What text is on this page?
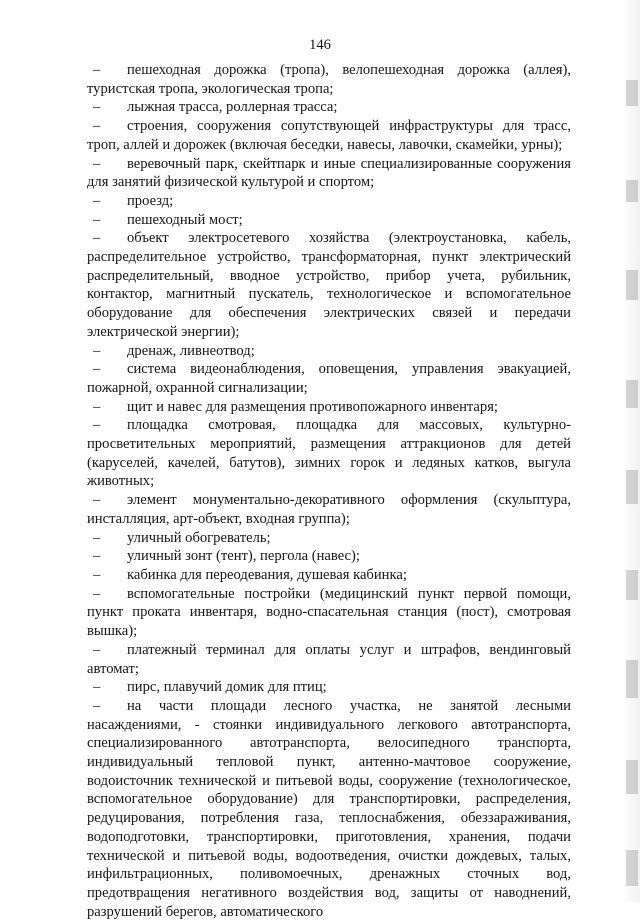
146

– пешеходная дорожка (тропа), велопешеходная дорожка (аллея), туристская тропа, экологическая тропа;

– лыжная трасса, роллерная трасса;

– строения, сооружения сопутствующей инфраструктуры для трасс, троп, аллей и дорожек (включая беседки, навесы, лавочки, скамейки, урны);

– веревочный парк, скейтпарк и иные специализированные сооружения для занятий физической культурой и спортом;

– проезд;

– пешеходный мост;

– объект электросетевого хозяйства (электроустановка, кабель, распределительное устройство, трансформаторная, пункт электрический распределительный, вводное устройство, прибор учета, рубильник, контактор, магнитный пускатель, технологическое и вспомогательное оборудование для обеспечения электрических связей и передачи электрической энергии);

– дренаж, ливнеотвод;

– система видеонаблюдения, оповещения, управления эвакуацией, пожарной, охранной сигнализации;

– щит и навес для размещения противопожарного инвентаря;

– площадка смотровая, площадка для массовых, культурно-просветительных мероприятий, размещения аттракционов для детей (каруселей, качелей, батутов), зимних горок и ледяных катков, выгула животных;

– элемент монументально-декоративного оформления (скульптура, инсталляция, арт-объект, входная группа);

– уличный обогреватель;

– уличный зонт (тент), пергола (навес);

– кабинка для переодевания, душевая кабинка;

– вспомогательные постройки (медицинский пункт первой помощи, пункт проката инвентаря, водно-спасательная станция (пост), смотровая вышка);

– платежный терминал для оплаты услуг и штрафов, вендинговый автомат;

– пирс, плавучий домик для птиц;

– на части площади лесного участка, не занятой лесными насаждениями, - стоянки индивидуального легкового автотранспорта, специализированного автотранспорта, велосипедного транспорта, индивидуальный тепловой пункт, антенно-мачтовое сооружение, водоисточник технической и питьевой воды, сооружение (технологическое, вспомогательное оборудование) для транспортировки, распределения, редуцирования, потребления газа, теплоснабжения, обеззараживания, водоподготовки, транспортировки, приготовления, хранения, подачи технической и питьевой воды, водоотведения, очистки дождевых, талых, инфильтрационных, поливомоечных, дренажных сточных вод, предотвращения негативного воздействия вод, защиты от наводнений, разрушений берегов, автоматического
